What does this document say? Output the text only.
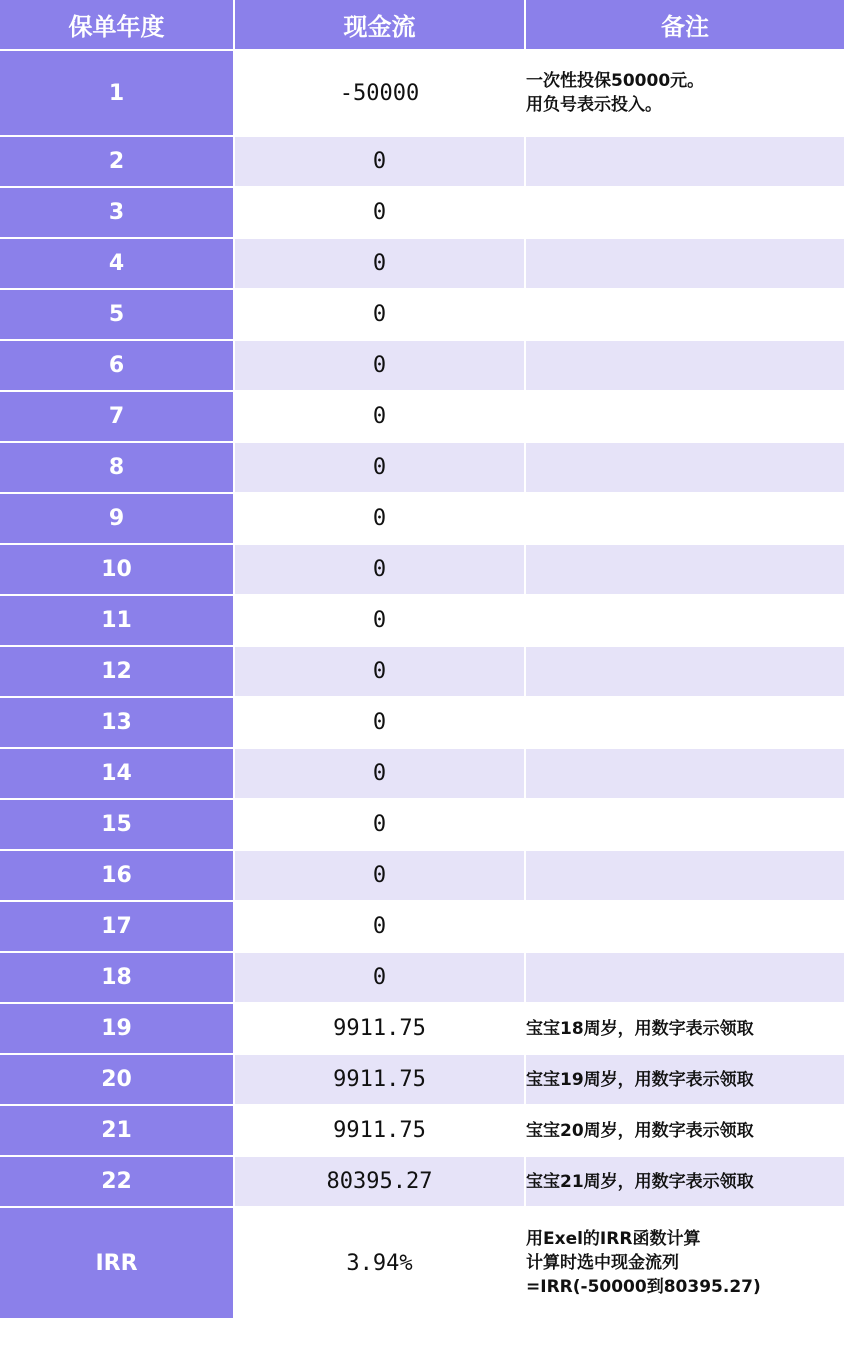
保单年度	现金流	备注
1	-50000	一次性投保50000元。
用负号表示投入。

2	0	
3	0	
4	0	
5	0	
6	0	
7	0	
8	0	
9	0	
10	0	
11	0	
12	0	
13	0	
14	0	
15	0	
16	0	
17	0	
18	0	
19	9911.75	宝宝18周岁，用数字表示领取

20	9911.75	宝宝19周岁，用数字表示领取

21	9911.75	宝宝20周岁，用数字表示领取

22	80395.27	宝宝21周岁，用数字表示领取

IRR	3.94%	用Exel的IRR函数计算
计算时选中现金流列
=IRR(-50000到80395.27)
